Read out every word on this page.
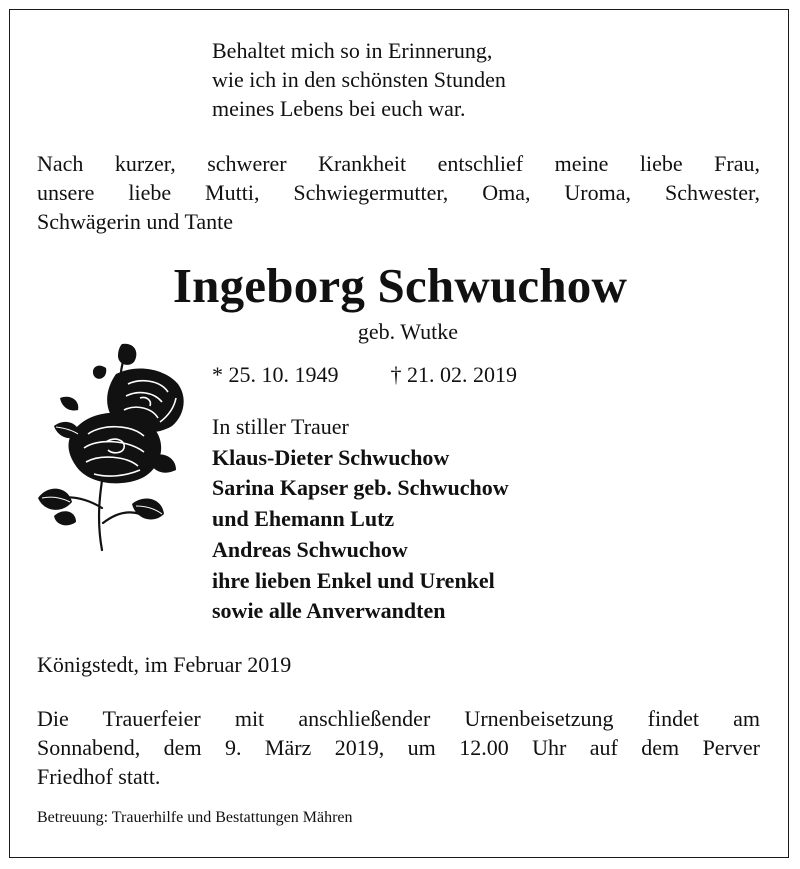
Behaltet mich so in Erinnerung,
wie ich in den schönsten Stunden
meines Lebens bei euch war.
Nach kurzer, schwerer Krankheit entschlief meine liebe Frau,
unsere liebe Mutti, Schwiegermutter, Oma, Uroma, Schwester,
Schwägerin und Tante
Ingeborg Schwuchow
geb. Wutke
* 25. 10. 1949 † 21. 02. 2019
In stiller Trauer
Klaus-Dieter Schwuchow
Sarina Kapser geb. Schwuchow
und Ehemann Lutz
Andreas Schwuchow
ihre lieben Enkel und Urenkel
sowie alle Anverwandten
Königstedt, im Februar 2019
Die Trauerfeier mit anschließender Urnenbeisetzung findet am
Sonnabend, dem 9. März 2019, um 12.00 Uhr auf dem Perver
Friedhof statt.
Betreuung: Trauerhilfe und Bestattungen Mähren
